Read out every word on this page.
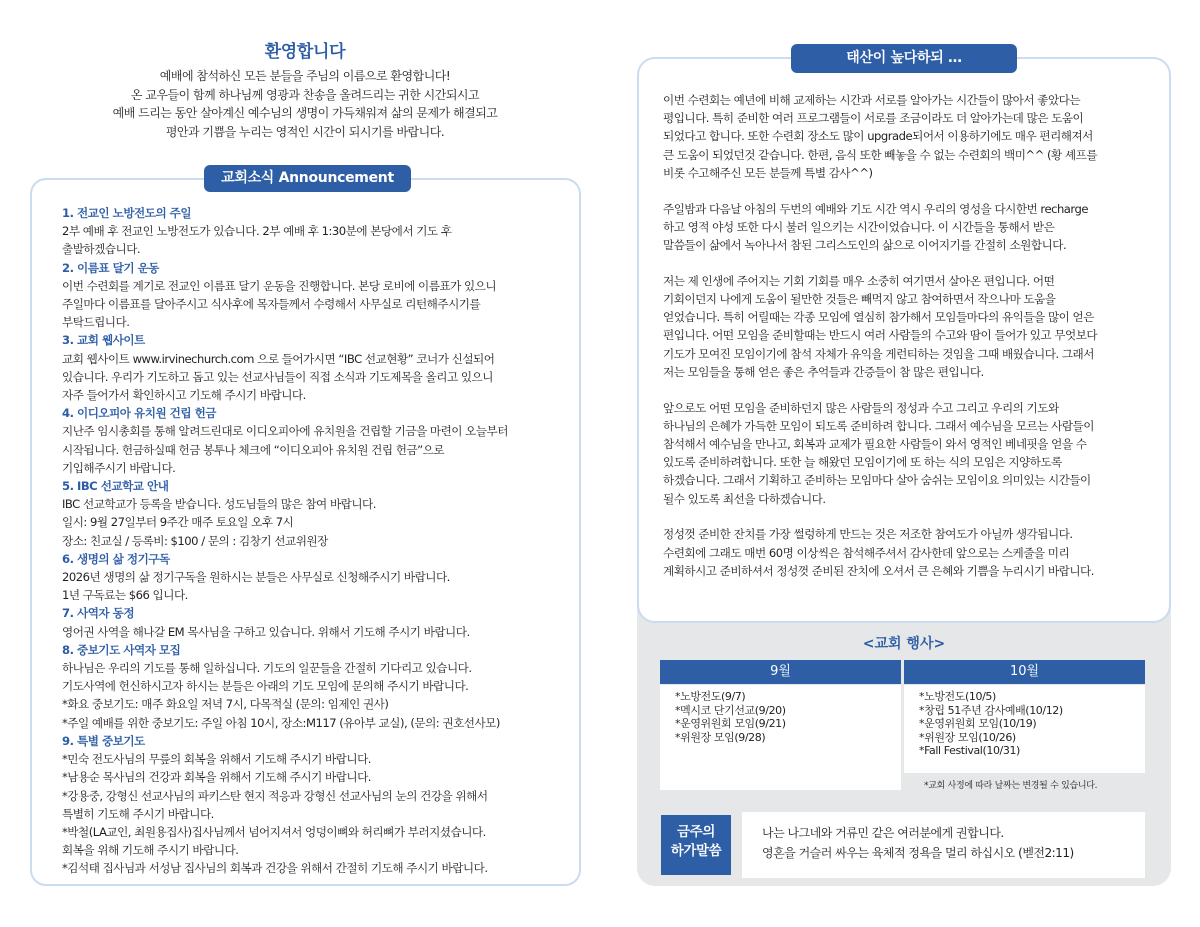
환영합니다
예배에 참석하신 모든 분들을 주님의 이름으로 환영합니다!
온 교우들이 함께 하나님께 영광과 찬송을 올려드리는 귀한 시간되시고
예배 드리는 동안 살아계신 예수님의 생명이 가득채워져 삶의 문제가 해결되고
평안과 기쁨을 누리는 영적인 시간이 되시기를 바랍니다.
교회소식 Announcement
1. 전교인 노방전도의 주일
2부 예배 후 전교인 노방전도가 있습니다. 2부 예배 후 1:30분에 본당에서 기도 후
출발하겠습니다.
2. 이름표 달기 운동
이번 수련회를 계기로 전교인 이름표 달기 운동을 진행합니다. 본당 로비에 이름표가 있으니
주일마다 이름표를 달아주시고 식사후에 목자들께서 수령해서 사무실로 리턴해주시기를
부탁드립니다.
3. 교회 웹사이트
교회 웹사이트 www.irvinechurch.com 으로 들어가시면 “IBC 선교현황” 코너가 신설되어
있습니다. 우리가 기도하고 돕고 있는 선교사님들이 직접 소식과 기도제목을 올리고 있으니
자주 들어가서 확인하시고 기도해 주시기 바랍니다.
4. 이디오피아 유치원 건립 헌금
지난주 임시총회를 통해 알려드린대로 이디오피아에 유치원을 건립할 기금을 마련이 오늘부터
시작됩니다. 헌금하실때 헌금 봉투나 체크에 “이디오피아 유치원 건립 헌금”으로
기입해주시기 바랍니다.
5. IBC 선교학교 안내
IBC 선교학교가 등록을 받습니다. 성도님들의 많은 참여 바랍니다.
일시: 9월 27일부터 9주간 매주 토요일 오후 7시
장소: 친교실 / 등록비: $100 / 문의 : 김창기 선교위원장
6. 생명의 삶 정기구독
2026년 생명의 삶 정기구독을 원하시는 분들은 사무실로 신청해주시기 바랍니다.
1년 구독료는 $66 입니다.
7. 사역자 동정
영어권 사역을 해나갈 EM 목사님을 구하고 있습니다. 위해서 기도해 주시기 바랍니다.
8. 중보기도 사역자 모집
하나님은 우리의 기도를 통해 일하십니다. 기도의 일꾼들을 간절히 기다리고 있습니다.
기도사역에 헌신하시고자 하시는 분들은 아래의 기도 모임에 문의해 주시기 바랍니다.
*화요 중보기도: 매주 화요일 저녁 7시, 다목적실 (문의: 임제인 권사)
*주일 예배를 위한 중보기도: 주일 아침 10시, 장소:M117 (유아부 교실), (문의: 권호선사모)
9. 특별 중보기도
*민숙 전도사님의 무릎의 회복을 위해서 기도해 주시기 바랍니다.
*남용순 목사님의 건강과 회복을 위해서 기도해 주시기 바랍니다.
*강용중, 강형신 선교사님의 파키스탄 현지 적응과 강형신 선교사님의 눈의 건강을 위해서
특별히 기도해 주시기 바랍니다.
*박철(LA교인, 최원용집사)집사님께서 넘어지셔서 엉덩이뼈와 허리뼈가 부러지셨습니다.
회복을 위해 기도해 주시기 바랍니다.
*김석태 집사님과 서성남 집사님의 회복과 건강을 위해서 간절히 기도해 주시기 바랍니다.
태산이 높다하되 …
이번 수련회는 예년에 비해 교제하는 시간과 서로를 알아가는 시간들이 많아서 좋았다는
평입니다. 특히 준비한 여러 프로그램들이 서로를 조금이라도 더 알아가는데 많은 도움이
되었다고 합니다. 또한 수련회 장소도 많이 upgrade되어서 이용하기에도 매우 편리해져서
큰 도움이 되었던것 같습니다. 한편, 음식 또한 빼놓을 수 없는 수련회의 백미^^ (황 셰프를
비롯 수고해주신 모든 분들께 특별 감사^^)
주일밤과 다음날 아침의 두번의 예배와 기도 시간 역시 우리의 영성을 다시한번 recharge
하고 영적 야성 또한 다시 불러 일으키는 시간이었습니다. 이 시간들을 통해서 받은
말씀들이 삶에서 녹아나서 참된 그리스도인의 삶으로 이어지기를 간절히 소원합니다.
저는 제 인생에 주어지는 기회 기회를 매우 소중히 여기면서 살아온 편입니다. 어떤
기회이던지 나에게 도움이 될만한 것들은 빼먹지 않고 참여하면서 작으나마 도움을
얻었습니다. 특히 어릴때는 각종 모임에 열심히 참가해서 모임들마다의 유익들을 많이 얻은
편입니다. 어떤 모임을 준비할때는 반드시 여러 사람들의 수고와 땀이 들어가 있고 무엇보다
기도가 모여진 모임이기에 참석 자체가 유익을 게런티하는 것임을 그때 배웠습니다. 그래서
저는 모임들을 통해 얻은 좋은 추억들과 간증들이 참 많은 편입니다.
앞으로도 어떤 모임을 준비하던지 많은 사람들의 정성과 수고 그리고 우리의 기도와
하나님의 은혜가 가득한 모임이 되도록 준비하려 합니다. 그래서 예수님을 모르는 사람들이
참석해서 예수님을 만나고, 회복과 교제가 필요한 사람들이 와서 영적인 베네핏을 얻을 수
있도록 준비하려합니다. 또한 늘 해왔던 모임이기에 또 하는 식의 모임은 지양하도록
하겠습니다. 그래서 기획하고 준비하는 모임마다 살아 숨쉬는 모임이요 의미있는 시간들이
될수 있도록 최선을 다하겠습니다.
정성껏 준비한 잔치를 가장 썰렁하게 만드는 것은 저조한 참여도가 아닐까 생각됩니다.
수련회에 그래도 매번 60명 이상씩은 참석해주셔서 감사한데 앞으로는 스케줄을 미리
계획하시고 준비하셔서 정성껏 준비된 잔치에 오셔서 큰 은혜와 기쁨을 누리시기 바랍니다.
<교회 행사>
9월
*노방전도(9/7)
*멕시코 단기선교(9/20)
*운영위원회 모임(9/21)
*위원장 모임(9/28)
10월
*노방전도(10/5)
*창립 51주년 감사예배(10/12)
*운영위원회 모임(10/19)
*위원장 모임(10/26)
*Fall Festival(10/31)
*교회 사정에 따라 날짜는 변경될 수 있습니다.
금주의
하가말씀
나는 나그네와 거류민 같은 여러분에게 권합니다.
영혼을 거슬러 싸우는 육체적 정욕을 멀리 하십시오 (벧전2:11)
